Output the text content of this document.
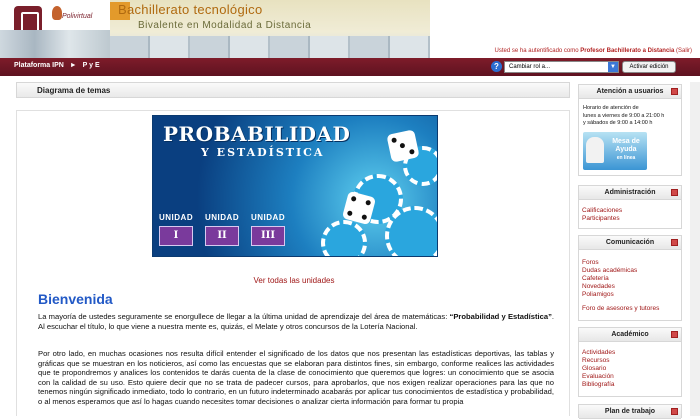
Polivirtual Bachillerato tecnológico
Bivalente en Modalidad a Distancia
Usted se ha autentificado como Profesor Bachillerato a Distancia (Salir)
Plataforma IPN ► P y E	?	Cambiar rol a...	▼	Activar edición
Diagrama de temas
PROBABILIDAD
Y ESTADÍSTICA
UNIDAD
I
UNIDAD
II
UNIDAD
III
Ver todas las unidades
Bienvenida
La mayoría de ustedes seguramente se enorgullece de llegar a la última unidad de aprendizaje del área de matemáticas: “Probabilidad y Estadística”. Al escuchar el título, lo que viene a nuestra mente es, quizás, el Melate y otros concursos de la Lotería Nacional.
Por otro lado, en muchas ocasiones nos resulta difícil entender el significado de los datos que nos presentan las estadísticas deportivas, las tablas y gráficas que se muestran en los noticieros, así como las encuestas que se elaboran para distintos fines, sin embargo, conforme realices las actividades que te propondremos y analices los contenidos te darás cuenta de la clase de conocimiento que queremos que logres: un conocimiento que se asocia con la calidad de su uso. Esto quiere decir que no se trata de padecer cursos, para aprobarlos, que nos exigen realizar operaciones para las que no tenemos ningún significado inmediato, todo lo contrario, en un futuro indeterminado acabarás por aplicar tus conocimientos de estadística y probabilidad, o al menos esperamos que así lo hagas cuando necesites tomar decisiones o analizar cierta información para formar tu propia
Atención a usuarios
Horario de atención de
lunes a viernes de 9:00 a 21:00 h
y sábados de 9:00 a 14:00 h
Mesa de Ayuda
en línea
Administración
Calificaciones
Participantes
Comunicación
Foros
Dudas académicas
Cafetería
Novedades
Poliamigos
Foro de asesores y tutores
Académico
Actividades
Recursos
Glosario
Evaluación
Bibliografía
Plan de trabajo
